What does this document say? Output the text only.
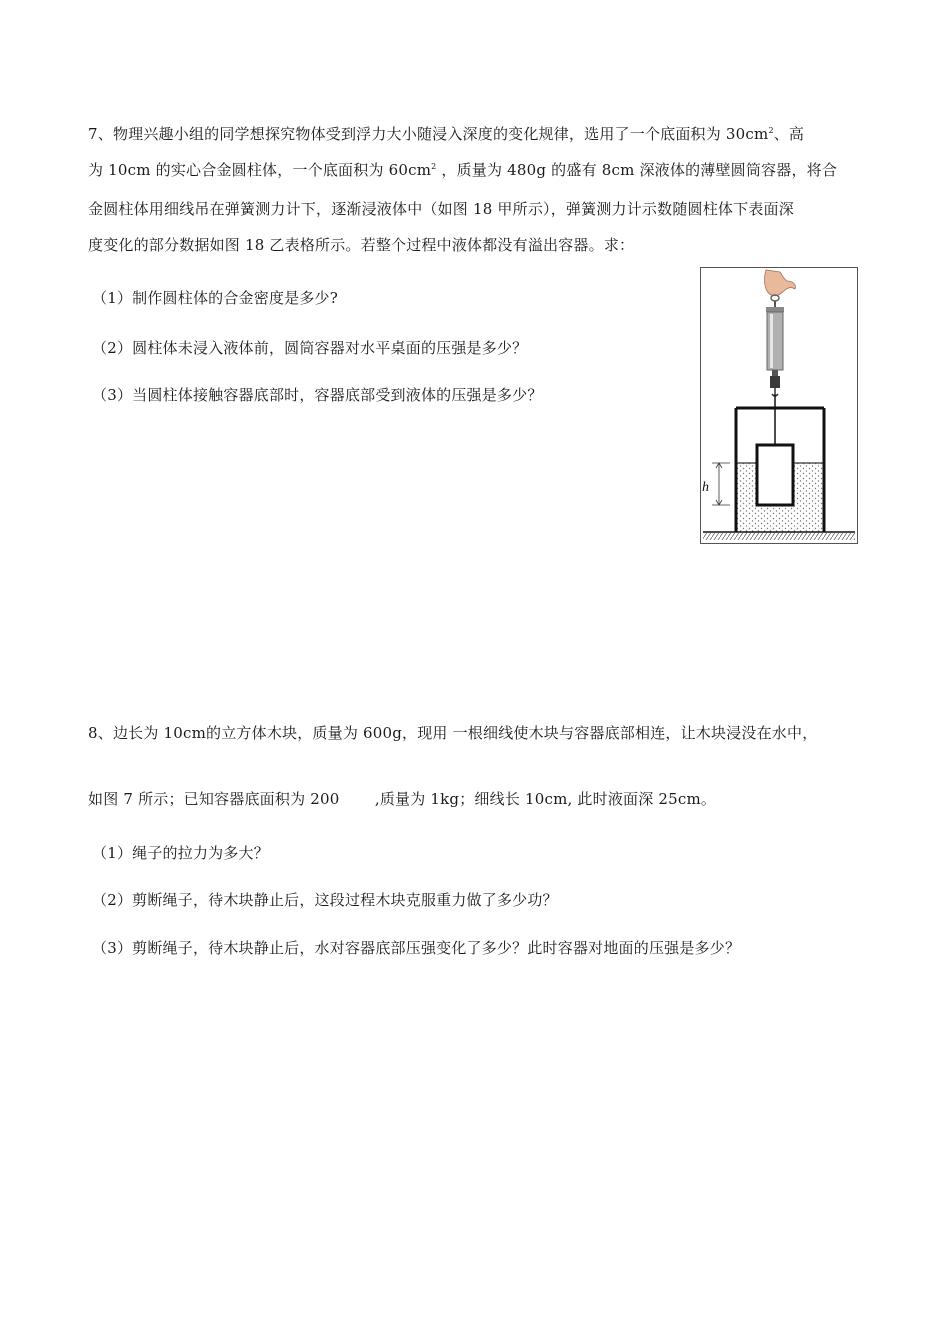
7、物理兴趣小组的同学想探究物体受到浮力大小随浸入深度的变化规律，选用了一个底面积为 $30cm^2$、高
为 10cm 的实心合金圆柱体，一个底面积为 $60cm^2$ ，质量为 480g 的盛有 8cm 深液体的薄壁圆筒容器，将合
金圆柱体用细线吊在弹簧测力计下，逐渐浸液体中（如图 18 甲所示），弹簧测力计示数随圆柱体下表面深
度变化的部分数据如图 18 乙表格所示。若整个过程中液体都没有溢出容器。求：
（1）制作圆柱体的合金密度是多少?
（2）圆柱体未浸入液体前，圆筒容器对水平桌面的压强是多少？
（3）当圆柱体接触容器底部时，容器底部受到液体的压强是多少？
h
8、边长为 10cm的立方体木块，质量为 600g，现用 一根细线使木块与容器底部相连，让木块浸没在水中，
如图 7 所示；已知容器底面积为 200　　 ,质量为 1kg；细线长 10cm, 此时液面深 25cm。
（1）绳子的拉力为多大？
（2）剪断绳子，待木块静止后，这段过程木块克服重力做了多少功？
（3）剪断绳子，待木块静止后，水对容器底部压强变化了多少？此时容器对地面的压强是多少？
